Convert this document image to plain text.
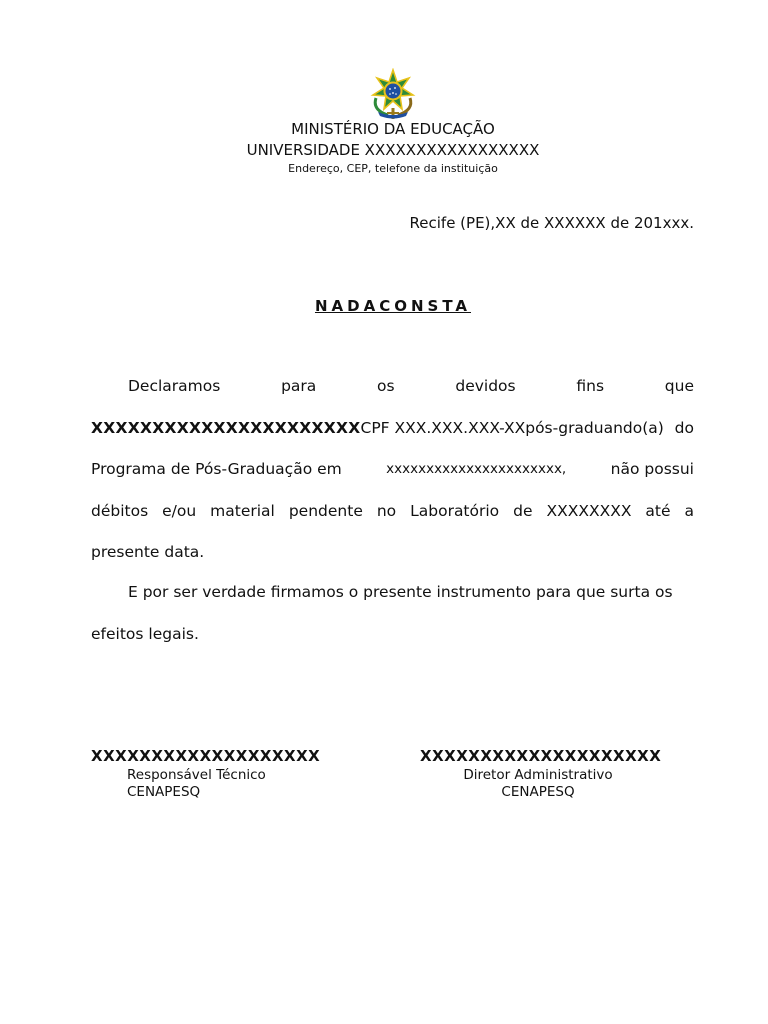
MINISTÉRIO DA EDUCAÇÃO
UNIVERSIDADE XXXXXXXXXXXXXXXXX
Endereço, CEP, telefone da instituição
Recife (PE),XX de XXXXXX de 201xxx.
NADACONSTA
Declaramos	para	os	devidos	fins	que
XXXXXXXXXXXXXXXXXXXXXXCPF XXX.XXX.XXX-XXpós-graduando(a) do
Programa de Pós-Graduação em	xxxxxxxxxxxxxxxxxxxxxx,	não possui
débitos e/ou material pendente no Laboratório de XXXXXXXX até a
presente data.
E por ser verdade firmamos o presente instrumento para que surta os
efeitos legais.
XXXXXXXXXXXXXXXXXXX
Responsável Técnico
CENAPESQ
XXXXXXXXXXXXXXXXXXXX
Diretor Administrativo
CENAPESQ
